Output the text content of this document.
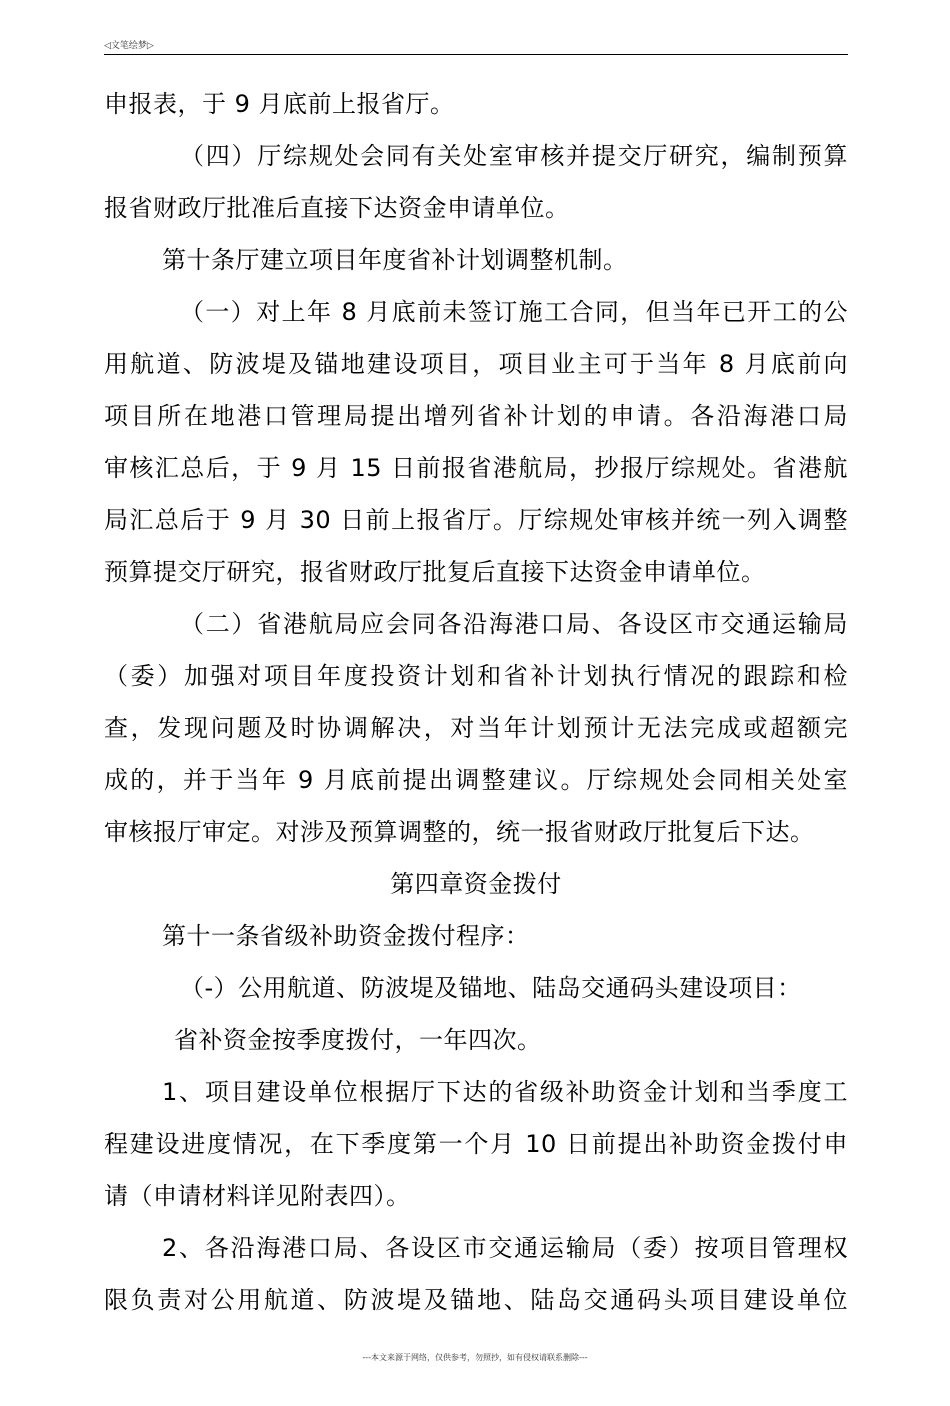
◁文笔绘梦▷
申报表，于 9 月底前上报省厅。
（四）厅综规处会同有关处室审核并提交厅研究，编制预算
报省财政厅批准后直接下达资金申请单位。
第十条厅建立项目年度省补计划调整机制。
（一）对上年 8 月底前未签订施工合同，但当年已开工的公
用航道、防波堤及锚地建设项目，项目业主可于当年 8 月底前向
项目所在地港口管理局提出增列省补计划的申请。各沿海港口局
审核汇总后，于 9 月 15 日前报省港航局，抄报厅综规处。省港航
局汇总后于 9 月 30 日前上报省厅。厅综规处审核并统一列入调整
预算提交厅研究，报省财政厅批复后直接下达资金申请单位。
（二）省港航局应会同各沿海港口局、各设区市交通运输局
（委）加强对项目年度投资计划和省补计划执行情况的跟踪和检
查，发现问题及时协调解决，对当年计划预计无法完成或超额完
成的，并于当年 9 月底前提出调整建议。厅综规处会同相关处室
审核报厅审定。对涉及预算调整的，统一报省财政厅批复后下达。
第四章资金拨付
第十一条省级补助资金拨付程序：
（-）公用航道、防波堤及锚地、陆岛交通码头建设项目：
省补资金按季度拨付，一年四次。
1、项目建设单位根据厅下达的省级补助资金计划和当季度工
程建设进度情况，在下季度第一个月 10 日前提出补助资金拨付申
请（申请材料详见附表四）。
2、各沿海港口局、各设区市交通运输局（委）按项目管理权
限负责对公用航道、防波堤及锚地、陆岛交通码头项目建设单位
---本文来源于网络，仅供参考，勿照抄，如有侵权请联系删除---
